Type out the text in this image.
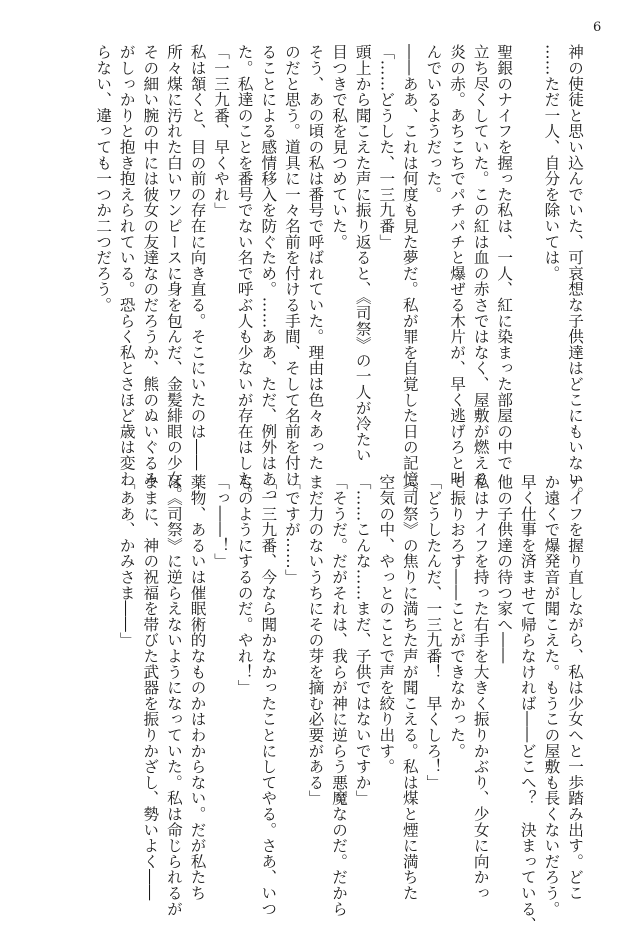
6
神の使徒と思い込んでいた、可哀想な子供達はどこにもいない。
……ただ一人、自分を除いては。
聖銀のナイフを握った私は、一人、紅に染まった部屋の中で
立ち尽くしていた。この紅は血の赤さではなく、屋敷が燃える
炎の赤。あちこちでパチパチと爆ぜる木片が、早く逃げろと叫
んでいるようだった。
――ああ、これは何度も見た夢だ。私が罪を自覚した日の記憶。
「……どうした、一三九番」
頭上から聞こえた声に振り返ると、《司祭》の一人が冷たい
目つきで私を見つめていた。
そう、あの頃の私は番号で呼ばれていた。理由は色々あった
のだと思う。道具に一々名前を付ける手間、そして名前を付け
ることによる感情移入を防ぐため。……ああ、ただ、例外はあっ
た。私達のことを番号でない名で呼ぶ人も少ないが存在はした。
「一三九番、早くやれ」
私は頷くと、目の前の存在に向き直る。そこにいたのは――
所々煤に汚れた白いワンピースに身を包んだ、金髪緋眼の少女。
その細い腕の中には彼女の友達なのだろうか、熊のぬいぐるみ
がしっかりと抱き抱えられている。恐らく私とさほど歳は変わ
らない、違っても一つか二つだろう。
ナイフを握り直しながら、私は少女へと一歩踏み出す。どこ
か遠くで爆発音が聞こえた。もうこの屋敷も長くないだろう。
早く仕事を済ませて帰らなければ――どこへ？　決まっている、
他の子供達の待つ家へ――
私はナイフを持った右手を大きく振りかぶり、少女に向かっ
て振りおろす――ことができなかった。
「どうしたんだ、一三九番！　早くしろ！」
《司祭》の焦りに満ちた声が聞こえる。私は煤と煙に満ちた
空気の中、やっとのことで声を絞り出す。
「……こんな……まだ、子供ではないですか」
「そうだ。だがそれは、我らが神に逆らう悪魔なのだ。だから
まだ力のないうちにその芽を摘む必要がある」
「ですが……」
「一三九番、今なら聞かなかったことにしてやる。さあ、いつ
ものようにするのだ。やれ！」
「っ――！」
薬物、あるいは催眠術的なものかはわからない。だが私たち
は《司祭》に逆らえないようになっていた。私は命じられるが
ままに、神の祝福を帯びた武器を振りかざし、勢いよく――
「ああ、かみさま――」
